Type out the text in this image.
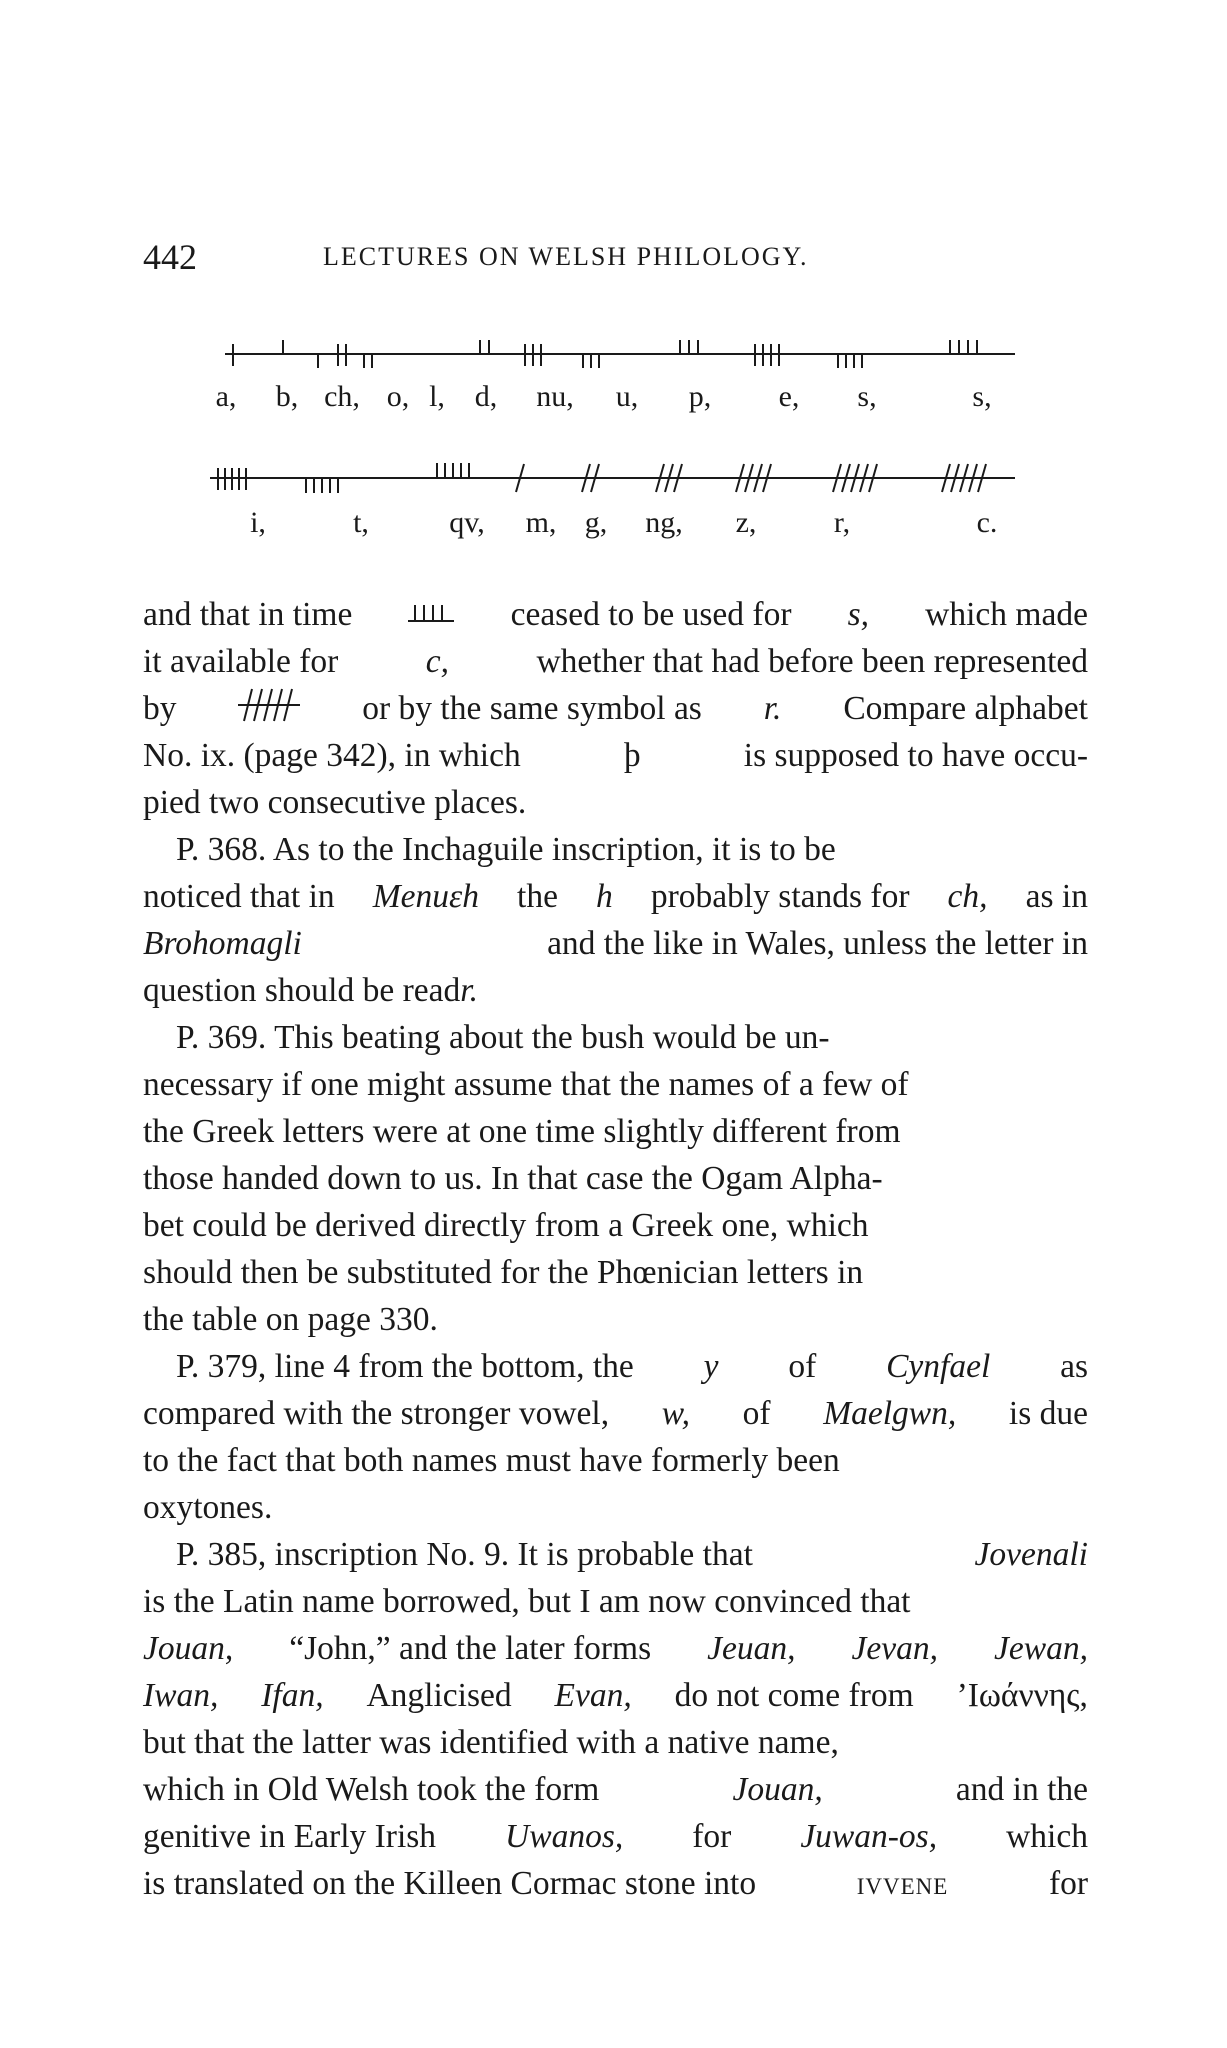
442	LECTURES ON WELSH PHILOLOGY.
a, b, ch, o, l, d, nu, u, p, e, s,	s,
i,	t,	qv, m, g, ng, z,	r,	c.
and that in time	ceased to be used for s, which made
it available for	c,	whether that had before been represented
by	or by the same symbol as r. Compare alphabet
No. ix. (page 342), in which	þ	is supposed to have occu-
pied two consecutive places.
P. 368. As to the Inchaguile inscription, it is to be
noticed that in Menuεh the h probably stands for ch, as in
Brohomagli	and the like in Wales, unless the letter in
question should be read r.
P. 369. This beating about the bush would be un-
necessary if one might assume that the names of a few of
the Greek letters were at one time slightly different from
those handed down to us. In that case the Ogam Alpha-
bet could be derived directly from a Greek one, which
should then be substituted for the Phœnician letters in
the table on page 330.
P. 379, line 4 from the bottom, the y of Cynfael as
compared with the stronger vowel, w, of Maelgwn, is due
to the fact that both names must have formerly been
oxytones.
P. 385, inscription No. 9. It is probable that	Jovenali
is the Latin name borrowed, but I am now convinced that
Jouan, “John,” and the later forms Jeuan, Jevan, Jewan,
Iwan, Ifan, Anglicised Evan, do not come from ’Ιωάννης,
but that the latter was identified with a native name,
which in Old Welsh took the form	Jouan,	and in the
genitive in Early Irish Uwanos, for Juwan-os, which
is translated on the Killeen Cormac stone into	ivvene	for
